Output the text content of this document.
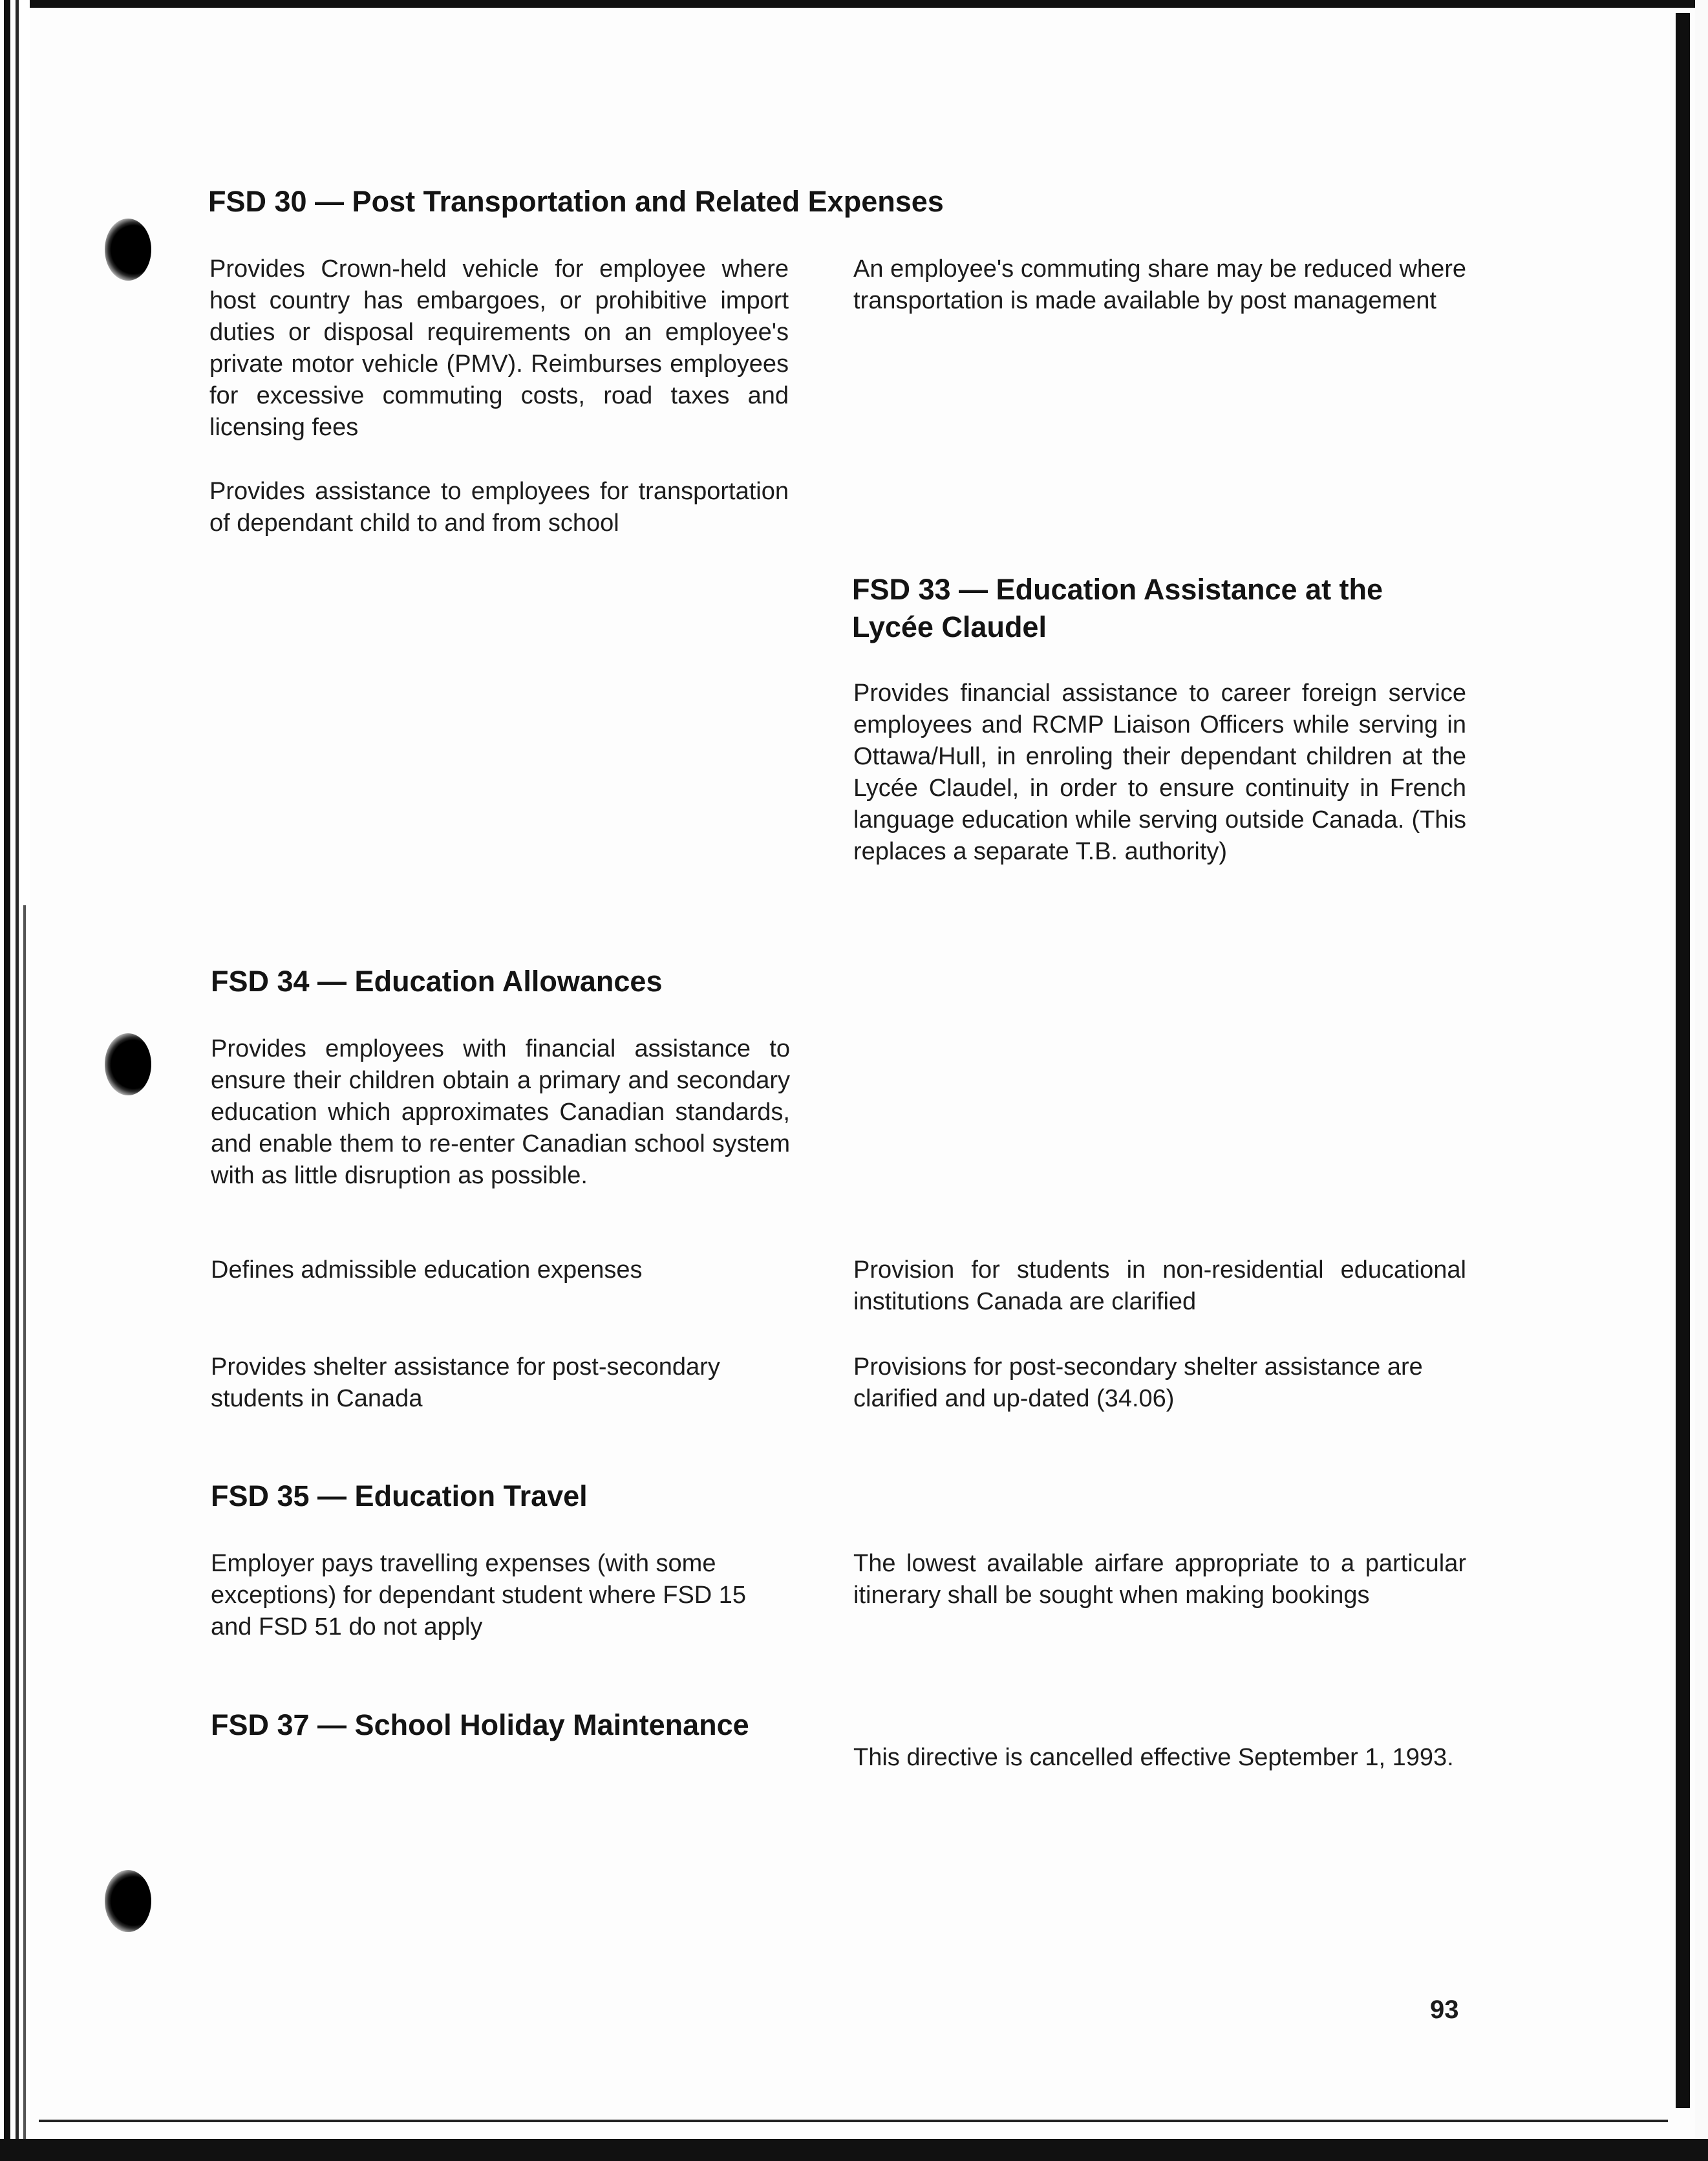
FSD 30 — Post Transportation and Related Expenses
Provides Crown-held vehicle for employee where host country has embargoes, or prohibitive import duties or disposal requirements on an employee's private motor vehicle (PMV). Reimburses employees for excessive commuting costs, road taxes and licensing fees
Provides assistance to employees for transportation of dependant child to and from school
An employee's commuting share may be reduced where transportation is made available by post management
FSD 33 — Education Assistance at the
Lycée Claudel
Provides financial assistance to career foreign service employees and RCMP Liaison Officers while serving in Ottawa/Hull, in enroling their dependant children at the Lycée Claudel, in order to ensure continuity in French language education while serving outside Canada. (This replaces a separate T.B. authority)
FSD 34 — Education Allowances
Provides employees with financial assistance to ensure their children obtain a primary and secondary education which approximates Canadian standards, and enable them to re-enter Canadian school system with as little disruption as possible.
Defines admissible education expenses
Provides shelter assistance for post-secondary students in Canada
Provision for students in non-residential educational institutions Canada are clarified
Provisions for post-secondary shelter assistance are clarified and up-dated (34.06)
FSD 35 — Education Travel
Employer pays travelling expenses (with some exceptions) for dependant student where FSD 15 and FSD 51 do not apply
The lowest available airfare appropriate to a particular itinerary shall be sought when making bookings
FSD 37 — School Holiday Maintenance
This directive is cancelled effective September 1, 1993.
93
